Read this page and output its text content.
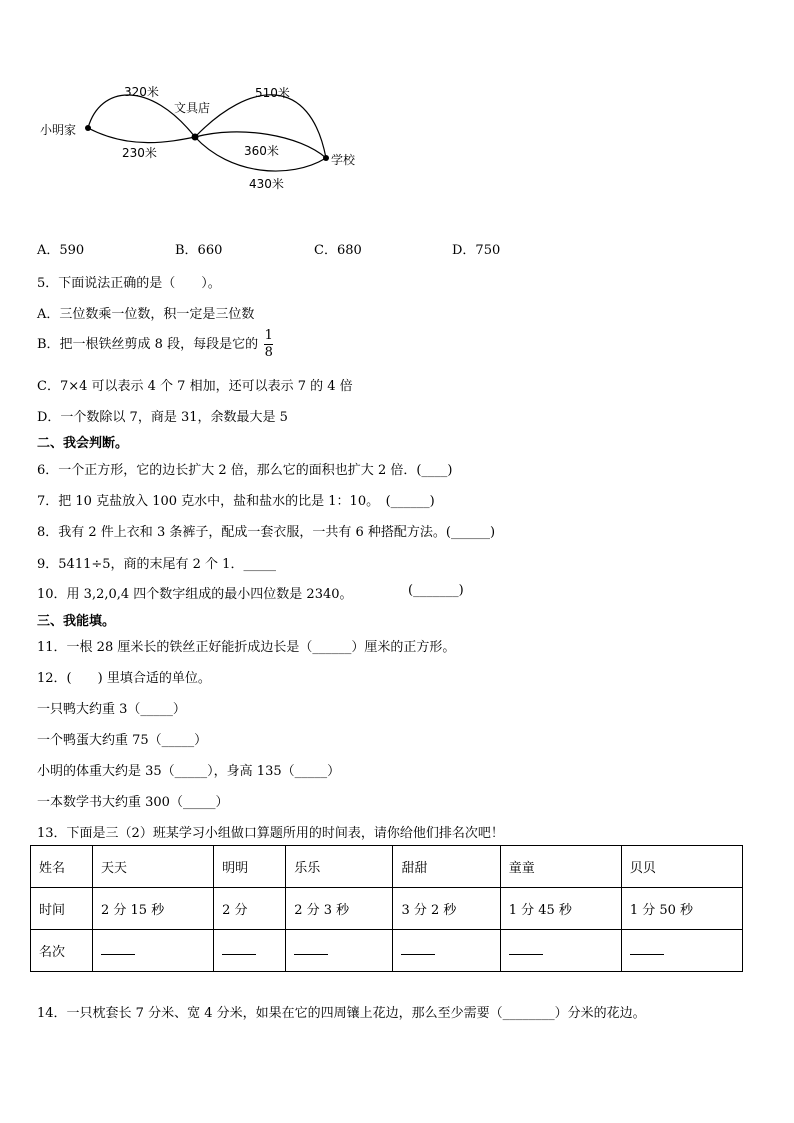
小明家
文具店
学校
320米
230米
510米
360米
430米
A．590	B．660	C．680	D．750
5．下面说法正确的是（　　）。
A．三位数乘一位数，积一定是三位数
B．把一根铁丝剪成 8 段，每段是它的 $\frac{1}{8}$
C．7×4 可以表示 4 个 7 相加，还可以表示 7 的 4 倍
D．一个数除以 7，商是 31，余数最大是 5
二、我会判断。
6．一个正方形，它的边长扩大 2 倍，那么它的面积也扩大 2 倍．(____)
7．把 10 克盐放入 100 克水中，盐和盐水的比是 1：10。　(______)
8．我有 2 件上衣和 3 条裤子，配成一套衣服，一共有 6 种搭配方法。(______)
9．5411÷5，商的末尾有 2 个 1．_____
10．用 3,2,0,4 四个数字组成的最小四位数是 2340。	(_______)
三、我能填。
11．一根 28 厘米长的铁丝正好能折成边长是（______）厘米的正方形。
12．(　　) 里填合适的单位。
一只鸭大约重 3（_____）
一个鸭蛋大约重 75（_____）
小明的体重大约是 35（_____），身高 135（_____）
一本数学书大约重 300（_____）
13．下面是三（2）班某学习小组做口算题所用的时间表，请你给他们排名次吧！
姓名	天天	明明	乐乐	甜甜	童童	贝贝
时间	2 分 15 秒	2 分	2 分 3 秒	3 分 2 秒	1 分 45 秒	1 分 50 秒
名次						
14．一只枕套长 7 分米、宽 4 分米，如果在它的四周镶上花边，那么至少需要（________）分米的花边。
